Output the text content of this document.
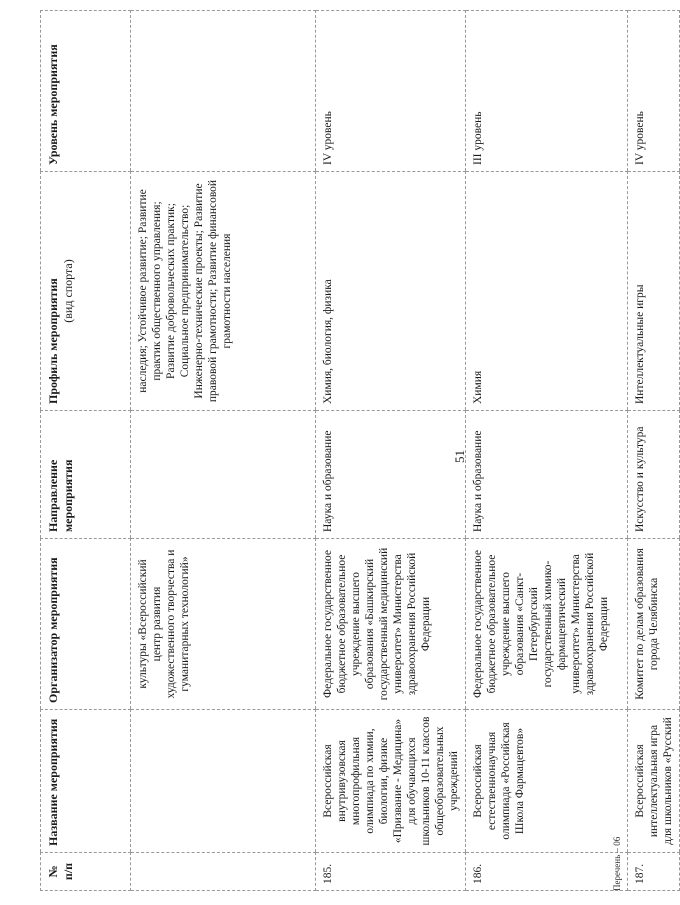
51
№ п/п	Название мероприятия	Организатор мероприятия	Направление мероприятия	Профиль мероприятия (вид спорта)	Уровень мероприятия
		культуры «Всероссийский центр развития художественного творчества и гуманитарных технологий»		наследия; Устойчивое развитие; Развитие практик общественного управления; Развитие добровольческих практик; Социальное предпринимательство; Инженерно-технические проекты; Развитие правовой грамотности; Развитие финансовой грамотности населения	
185.	Всероссийская внутривузовская многопрофильная олимпиада по химии, биологии, физике «Призвание - Медицина» для обучающихся школьников 10-11 классов общеобразовательных учреждений	Федеральное государственное бюджетное образовательное учреждение высшего образования «Башкирский государственный медицинский университет» Министерства здравоохранения Российской Федерации	Наука и образование	Химия, биология, физика	IV уровень
186.	Всероссийская естественнонаучная олимпиада «Российская Школа Фармацевтов»	Федеральное государственное бюджетное образовательное учреждение высшего образования «Санкт-Петербургский государственный химико-фармацевтический университет» Министерства здравоохранения Российской Федерации	Наука и образование	Химия	III уровень
187.	Всероссийская интеллектуальная игра для школьников «Русский	Комитет по делам образования города Челябинска	Искусство и культура	Интеллектуальные игры	IV уровень
Перечень – 06
